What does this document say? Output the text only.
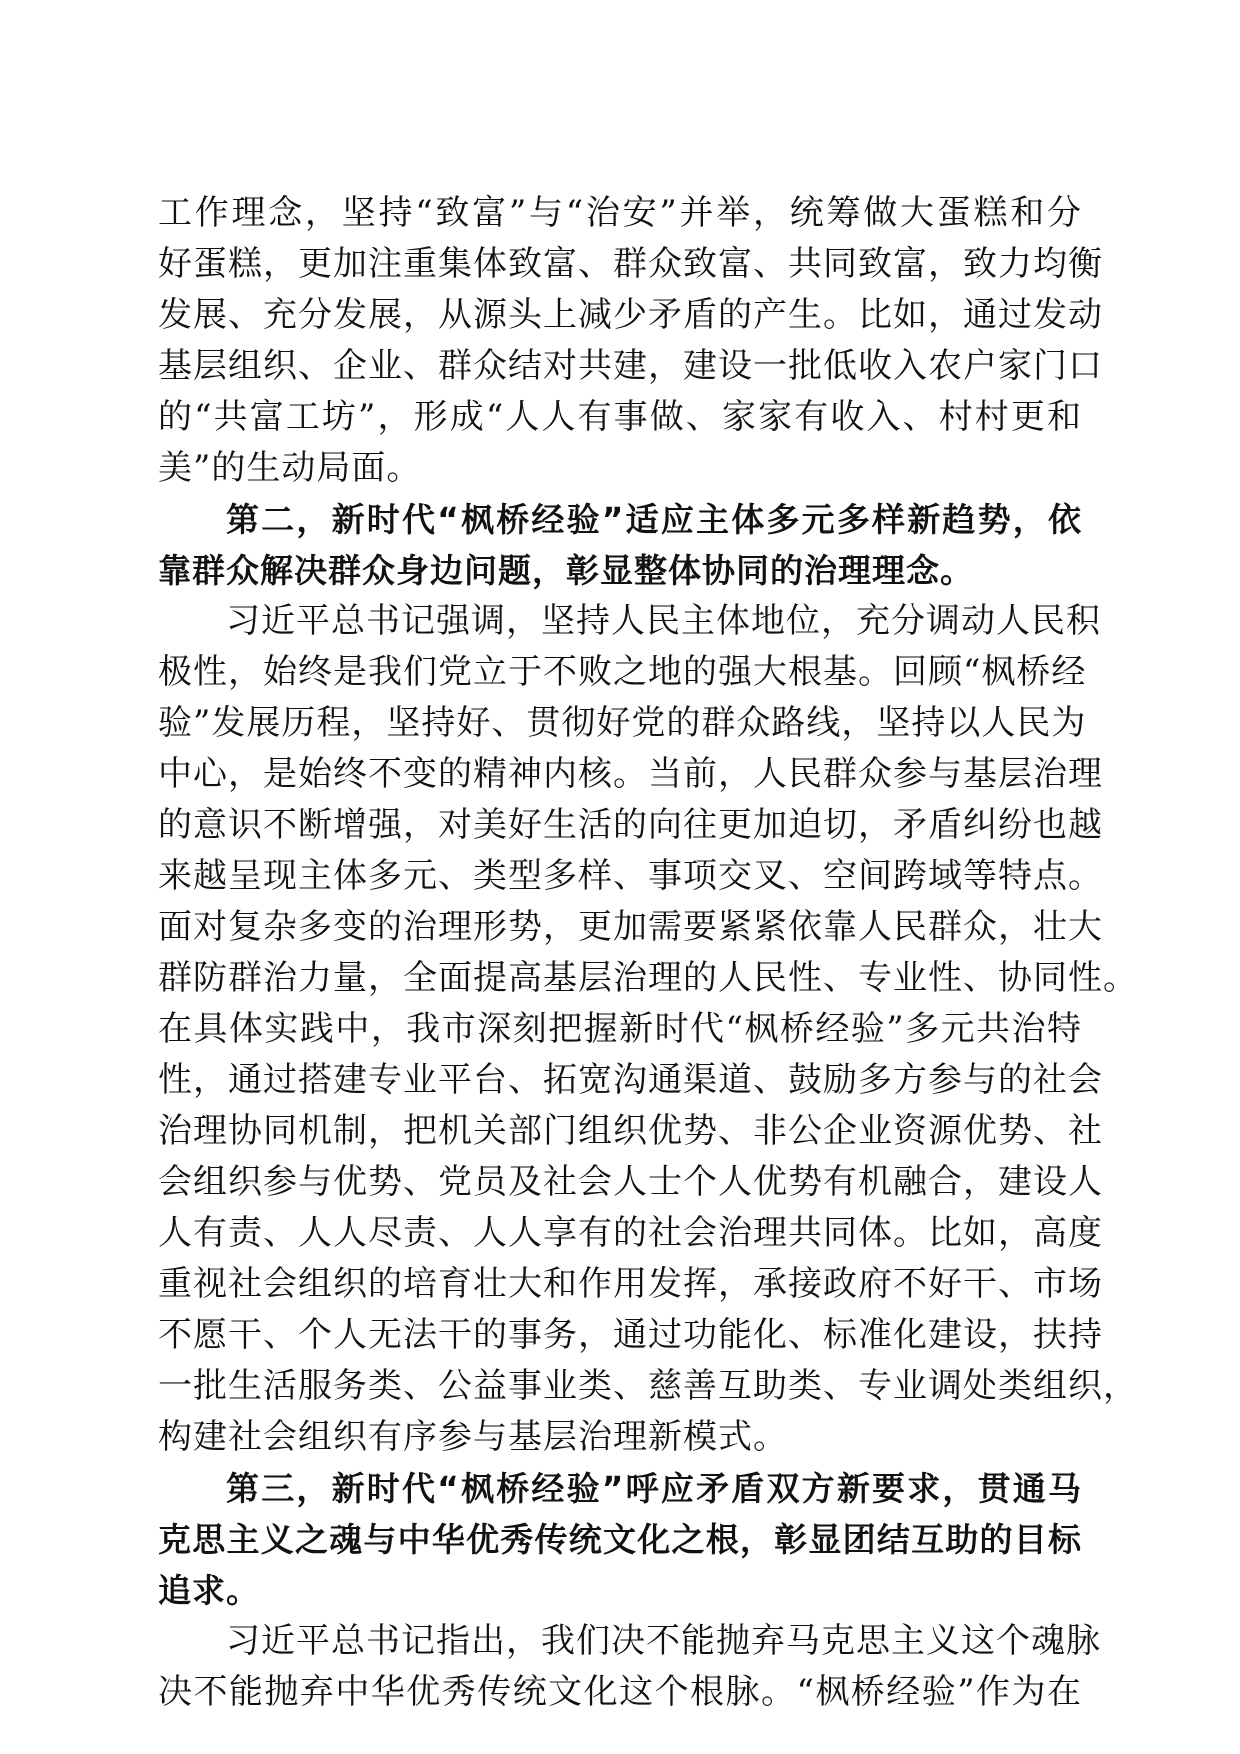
工作理念，坚持“致富”与“治安”并举，统筹做大蛋糕和分
好蛋糕，更加注重集体致富、群众致富、共同致富，致力均衡
发展、充分发展，从源头上减少矛盾的产生。比如，通过发动
基层组织、企业、群众结对共建，建设一批低收入农户家门口
的“共富工坊”，形成“人人有事做、家家有收入、村村更和
美”的生动局面。
第二，新时代“枫桥经验”适应主体多元多样新趋势，依
靠群众解决群众身边问题，彰显整体协同的治理理念。
习近平总书记强调，坚持人民主体地位，充分调动人民积
极性，始终是我们党立于不败之地的强大根基。回顾“枫桥经
验”发展历程，坚持好、贯彻好党的群众路线，坚持以人民为
中心，是始终不变的精神内核。当前，人民群众参与基层治理
的意识不断增强，对美好生活的向往更加迫切，矛盾纠纷也越
来越呈现主体多元、类型多样、事项交叉、空间跨域等特点。
面对复杂多变的治理形势，更加需要紧紧依靠人民群众，壮大
群防群治力量，全面提高基层治理的人民性、专业性、协同性。
在具体实践中，我市深刻把握新时代“枫桥经验”多元共治特
性，通过搭建专业平台、拓宽沟通渠道、鼓励多方参与的社会
治理协同机制，把机关部门组织优势、非公企业资源优势、社
会组织参与优势、党员及社会人士个人优势有机融合，建设人
人有责、人人尽责、人人享有的社会治理共同体。比如，高度
重视社会组织的培育壮大和作用发挥，承接政府不好干、市场
不愿干、个人无法干的事务，通过功能化、标准化建设，扶持
一批生活服务类、公益事业类、慈善互助类、专业调处类组织，
构建社会组织有序参与基层治理新模式。
第三，新时代“枫桥经验”呼应矛盾双方新要求，贯通马
克思主义之魂与中华优秀传统文化之根，彰显团结互助的目标
追求。
习近平总书记指出，我们决不能抛弃马克思主义这个魂脉
决不能抛弃中华优秀传统文化这个根脉。“枫桥经验”作为在
